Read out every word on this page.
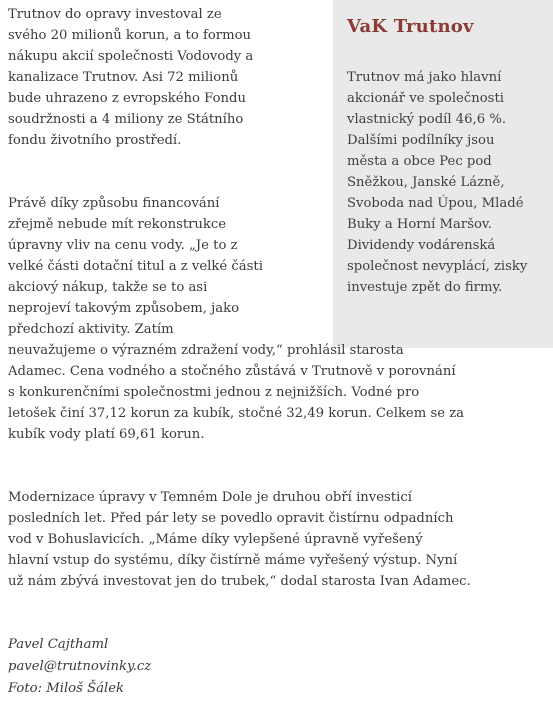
VaK Trutnov

Trutnov má jako hlavní
akcionář ve společnosti
vlastnický podíl 46,6 %.
Dalšími podílníky jsou
města a obce Pec pod
Sněžkou, Janské Lázně,
Svoboda nad Úpou, Mladé
Buky a Horní Maršov.
Dividendy vodárenská
společnost nevyplácí, zisky
investuje zpět do firmy.

Trutnov do opravy investoval ze
svého 20 milionů korun, a to formou
nákupu akcií společnosti Vodovody a
kanalizace Trutnov. Asi 72 milionů
bude uhrazeno z evropského Fondu
soudržnosti a 4 miliony ze Státního
fondu životního prostředí.

Právě díky způsobu financování
zřejmě nebude mít rekonstrukce
úpravny vliv na cenu vody. „Je to z
velké části dotační titul a z velké části
akciový nákup, takže se to asi
neprojeví takovým způsobem, jako
předchozí aktivity. Zatím
neuvažujeme o výrazném zdražení vody,“ prohlásil starosta
Adamec. Cena vodného a stočného zůstává v Trutnově v porovnání
s konkurenčními společnostmi jednou z nejnižších. Vodné pro
letošek činí 37,12 korun za kubík, stočné 32,49 korun. Celkem se za
kubík vody platí 69,61 korun.

Modernizace úpravy v Temném Dole je druhou obří investicí
posledních let. Před pár lety se povedlo opravit čistírnu odpadních
vod v Bohuslavicích. „Máme díky vylepšené úpravně vyřešený
hlavní vstup do systému, díky čistírně máme vyřešený výstup. Nyní
už nám zbývá investovat jen do trubek,“ dodal starosta Ivan Adamec.

Pavel Cajthaml

pavel@trutnovinky.cz

Foto: Miloš Šálek
